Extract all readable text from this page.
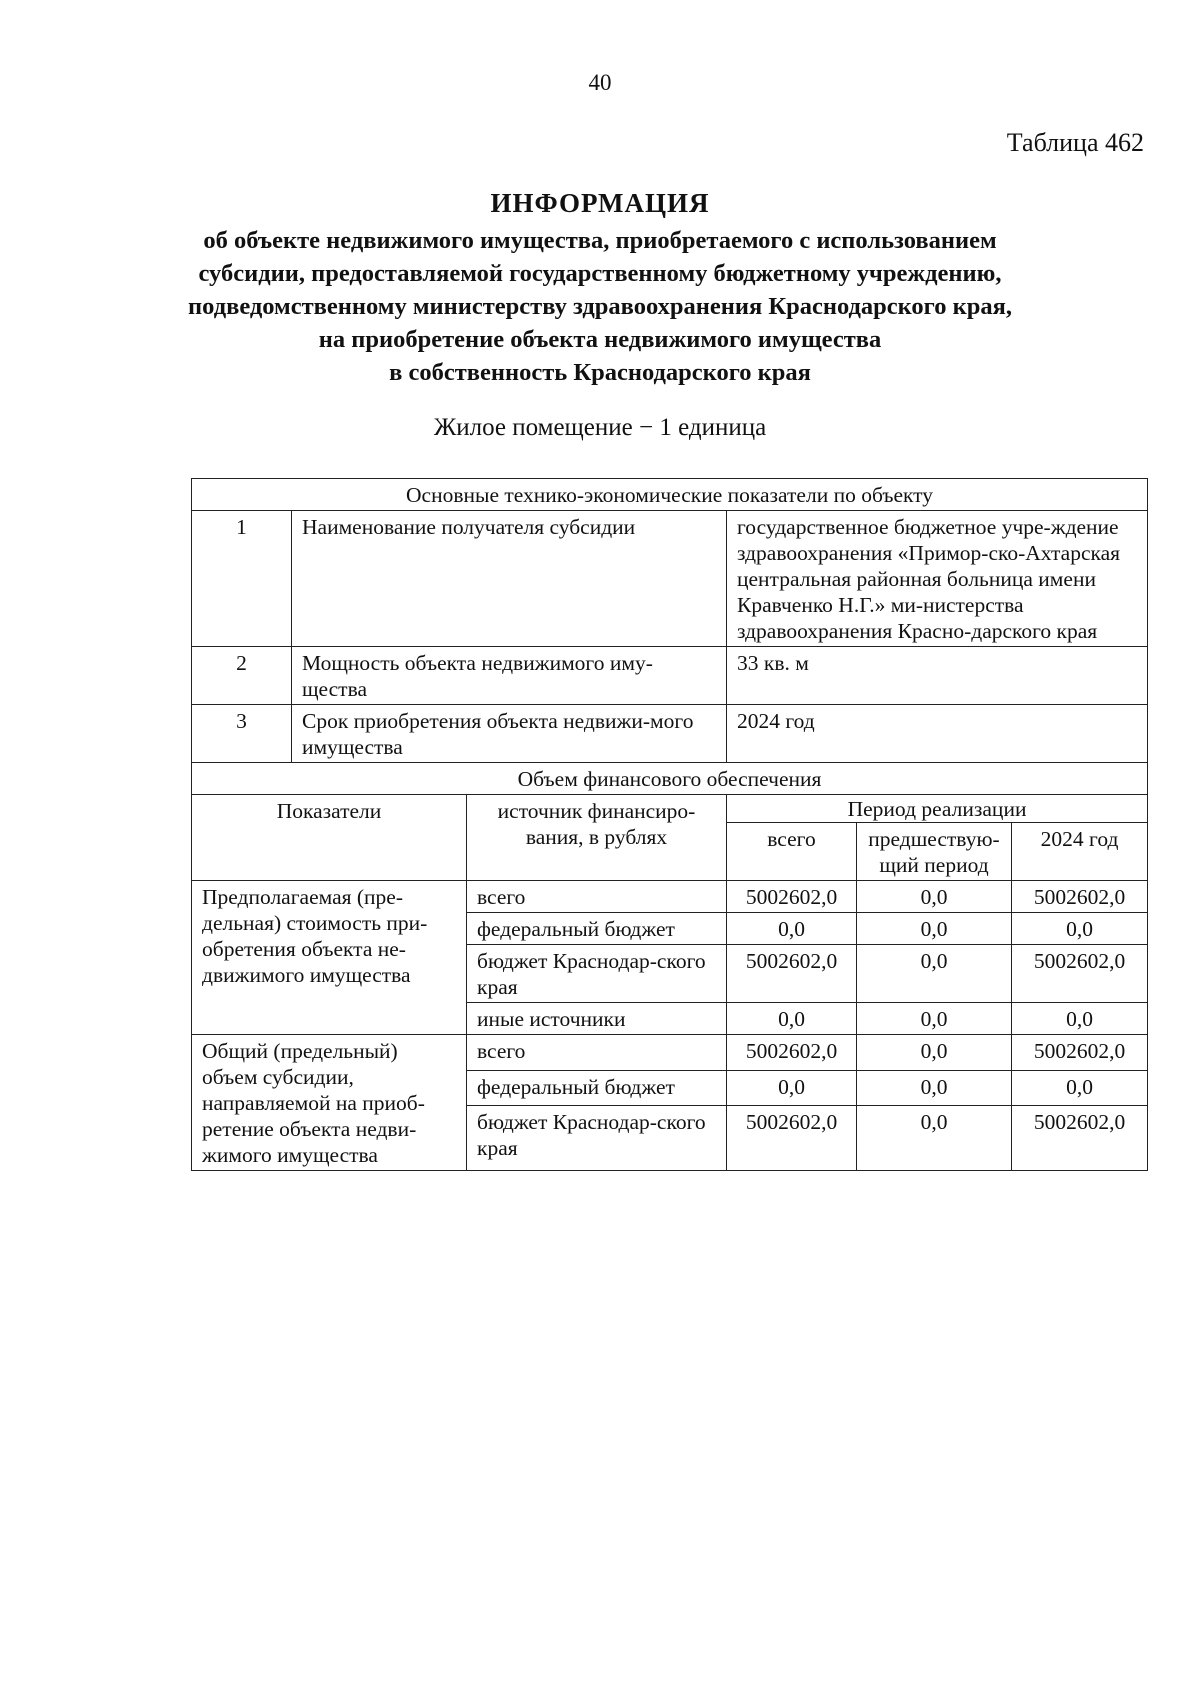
40
Таблица 462
ИНФОРМАЦИЯ
об объекте недвижимого имущества, приобретаемого с использованием
субсидии, предоставляемой государственному бюджетному учреждению,
подведомственному министерству здравоохранения Краснодарского края,
на приобретение объекта недвижимого имущества
в собственность Краснодарского края
Жилое помещение − 1 единица
Основные технико-экономические показатели по объекту					
1	Наименование получателя субсидии		государственное бюджетное учре-ждение здравоохранения «Примор-ско-Ахтарская центральная районная больница имени Кравченко Н.Г.» ми-нистерства здравоохранения Красно-дарского края		
2	Мощность объекта недвижимого иму-щества		33 кв. м		
3	Срок приобретения объекта недвижи-мого имущества		2024 год		
Объем финансового обеспечения					
Показатели		источник финансиро-вания, в рублях	Период реализации		
			всего	предшествую-щий период	2024 год
Предполагаемая (пре-дельная) стоимость при-обретения объекта не-движимого имущества		всего	5002602,0	0,0	5002602,0
		федеральный бюджет	0,0	0,0	0,0
		бюджет Краснодар-ского края	5002602,0	0,0	5002602,0
		иные источники	0,0	0,0	0,0
Общий (предельный) объем субсидии, направляемой на приоб-ретение объекта недви-жимого имущества		всего	5002602,0	0,0	5002602,0
		федеральный бюджет	0,0	0,0	0,0
		бюджет Краснодар-ского края	5002602,0	0,0	5002602,0
